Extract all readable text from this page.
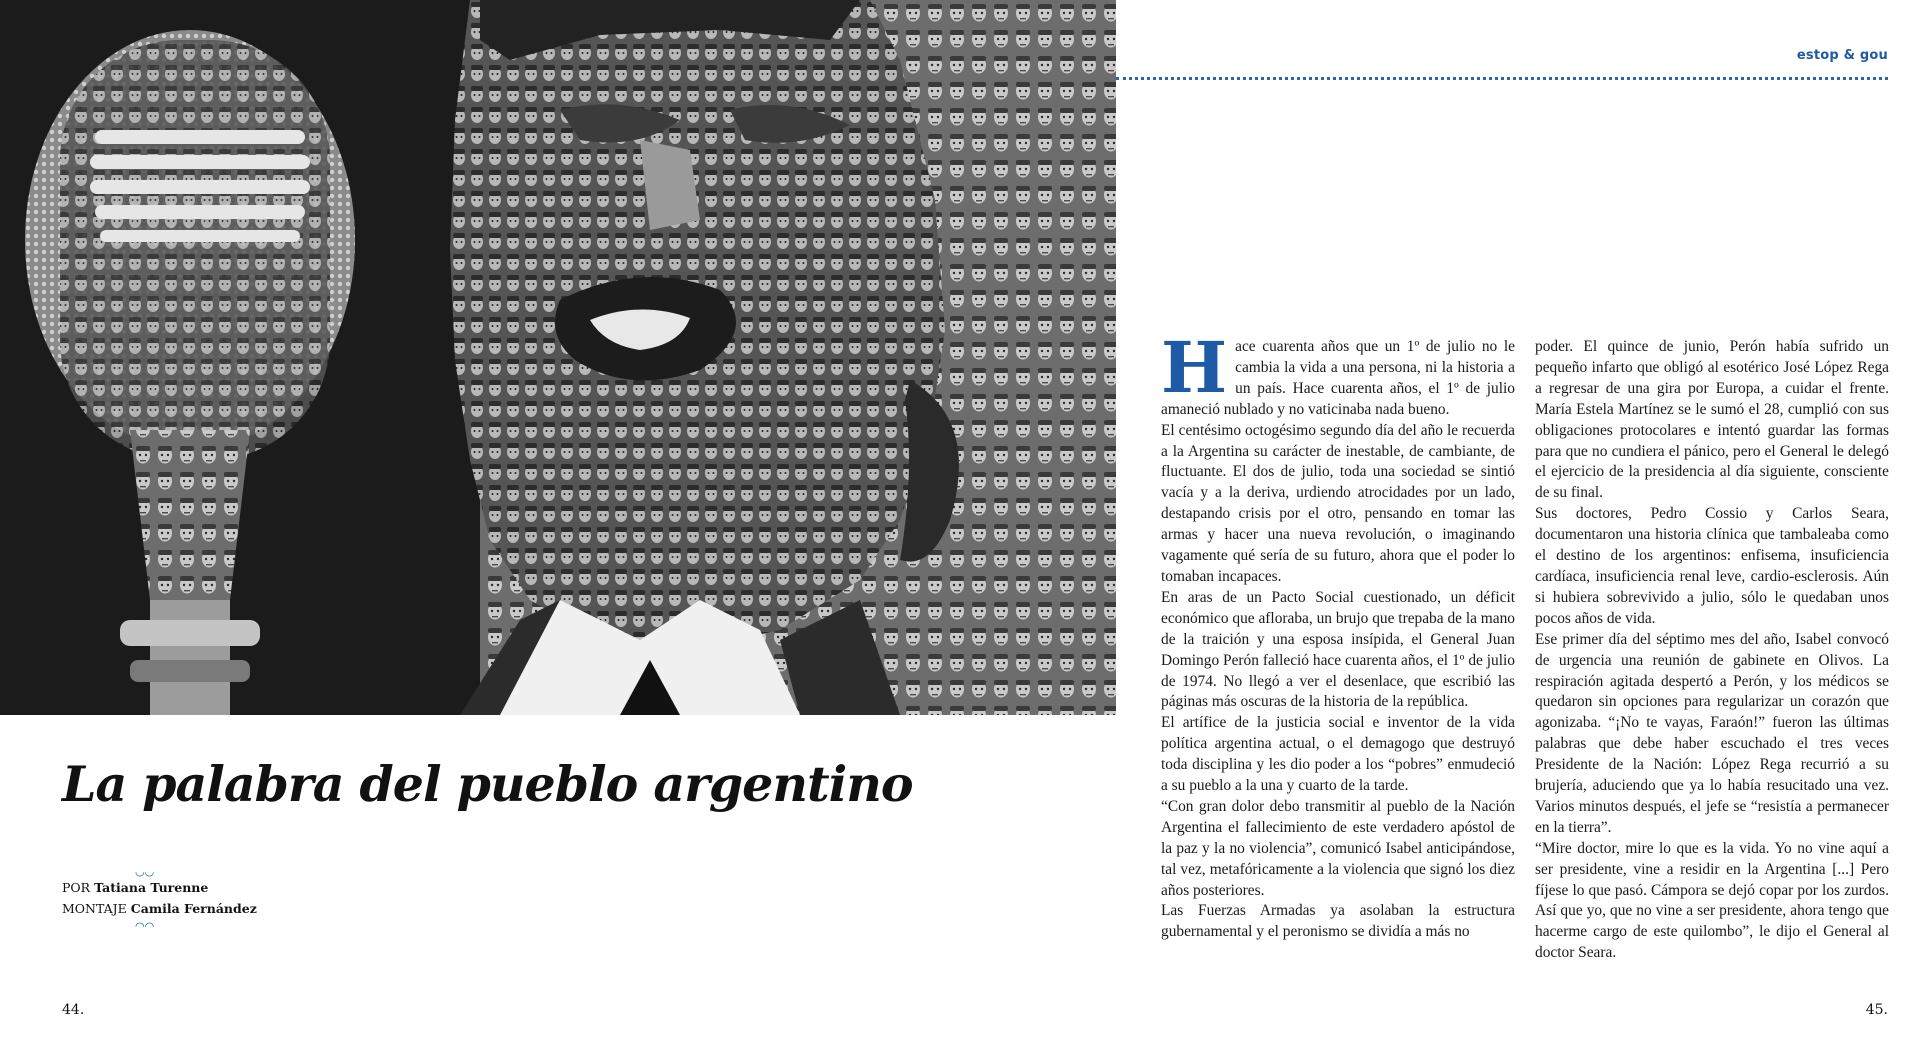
La palabra del pueblo argentino
◡◡
POR Tatiana Turenne
MONTAJE Camila Fernández
◡◡
44.
estop & gou

Hace cuarenta años que un 1º de julio no le cambia la vida a una persona, ni la historia a un país. Hace cuarenta años, el 1º de julio amaneció nublado y no vaticinaba nada bueno.

El centésimo octogésimo segundo día del año le recuerda a la Argentina su carácter de inestable, de cambiante, de fluctuante. El dos de julio, toda una sociedad se sintió vacía y a la deriva, urdiendo atrocidades por un lado, destapando crisis por el otro, pensando en tomar las armas y hacer una nueva revolución, o imaginando vagamente qué sería de su futuro, ahora que el poder lo tomaban incapaces.

En aras de un Pacto Social cuestionado, un déficit económico que afloraba, un brujo que trepaba de la mano de la traición y una esposa insípida, el General Juan Domingo Perón falleció hace cuarenta años, el 1º de julio de 1974. No llegó a ver el desenlace, que escribió las páginas más oscuras de la historia de la república.

El artífice de la justicia social e inventor de la vida política argentina actual, o el demagogo que destruyó toda disciplina y les dio poder a los “pobres” enmudeció a su pueblo a la una y cuarto de la tarde.

“Con gran dolor debo transmitir al pueblo de la Nación Argentina el fallecimiento de este verdadero apóstol de la paz y la no violencia”, comunicó Isabel anticipándose, tal vez, metafóricamente a la violencia que signó los diez años posteriores.

Las Fuerzas Armadas ya asolaban la estructura gubernamental y el peronismo se dividía a más no

poder. El quince de junio, Perón había sufrido un pequeño infarto que obligó al esotérico José López Rega a regresar de una gira por Europa, a cuidar el frente. María Estela Martínez se le sumó el 28, cumplió con sus obligaciones protocolares e intentó guardar las formas para que no cundiera el pánico, pero el General le delegó el ejercicio de la presidencia al día siguiente, consciente de su final.

Sus doctores, Pedro Cossio y Carlos Seara, documentaron una historia clínica que tambaleaba como el destino de los argentinos: enfisema, insuficiencia cardíaca, insuficiencia renal leve, cardio-esclerosis. Aún si hubiera sobrevivido a julio, sólo le quedaban unos pocos años de vida.

Ese primer día del séptimo mes del año, Isabel convocó de urgencia una reunión de gabinete en Olivos. La respiración agitada despertó a Perón, y los médicos se quedaron sin opciones para regularizar un corazón que agonizaba. “¡No te vayas, Faraón!” fueron las últimas palabras que debe haber escuchado el tres veces Presidente de la Nación: López Rega recurrió a su brujería, aduciendo que ya lo había resucitado una vez. Varios minutos después, el jefe se “resistía a permanecer en la tierra”.

“Mire doctor, mire lo que es la vida. Yo no vine aquí a ser presidente, vine a residir en la Argentina [...] Pero fíjese lo que pasó. Cámpora se dejó copar por los zurdos. Así que yo, que no vine a ser presidente, ahora tengo que hacerme cargo de este quilombo”, le dijo el General al doctor Seara.

45.
